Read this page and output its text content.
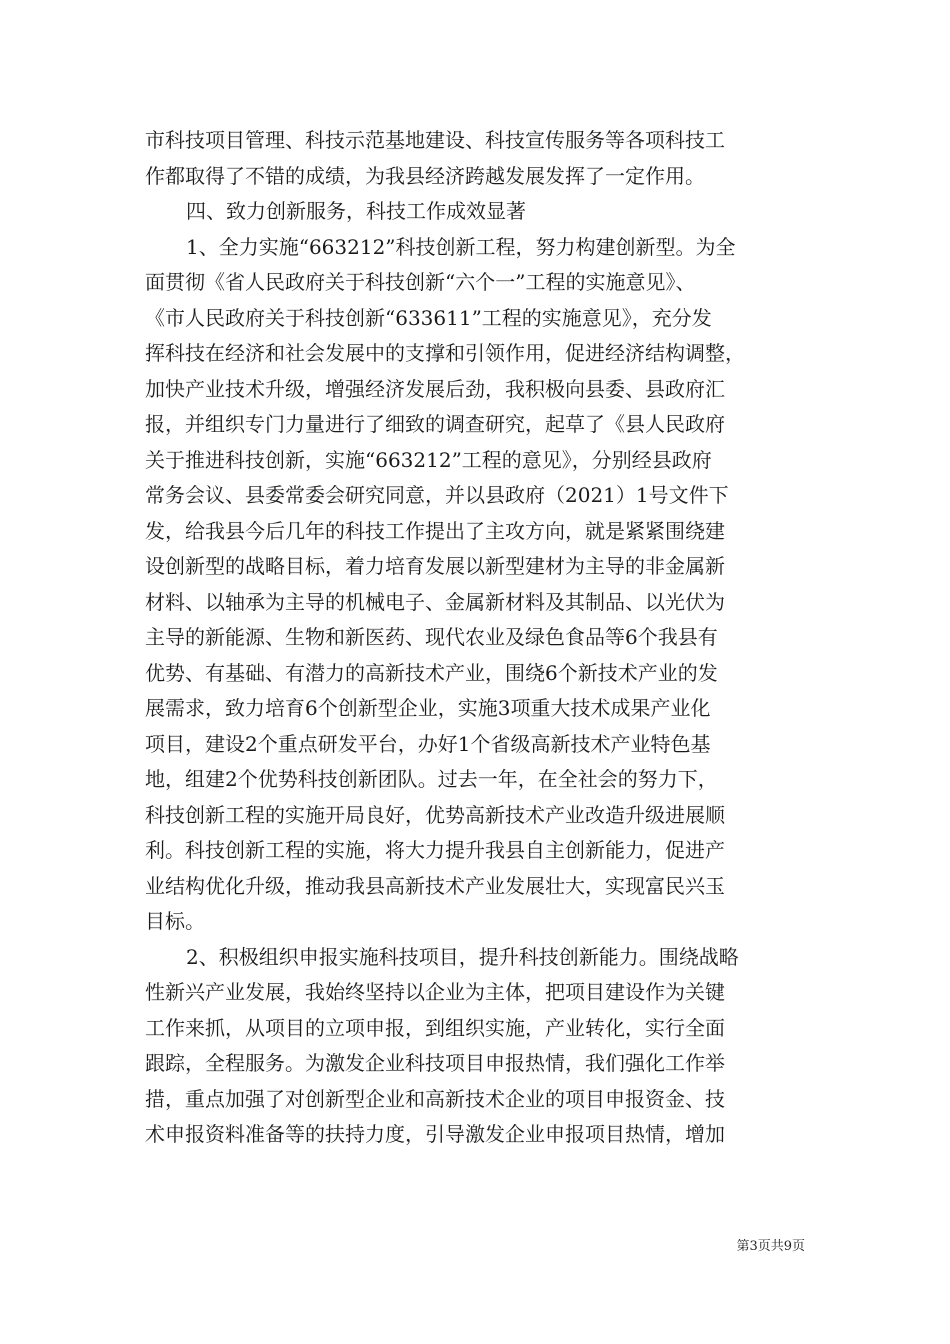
市科技项目管理、科技示范基地建设、科技宣传服务等各项科技工
作都取得了不错的成绩，为我县经济跨越发展发挥了一定作用。
四、致力创新服务，科技工作成效显著
1、全力实施“663212”科技创新工程，努力构建创新型。为全
面贯彻《省人民政府关于科技创新“六个一”工程的实施意见》、
《市人民政府关于科技创新“633611”工程的实施意见》，充分发
挥科技在经济和社会发展中的支撑和引领作用，促进经济结构调整，
加快产业技术升级，增强经济发展后劲，我积极向县委、县政府汇
报，并组织专门力量进行了细致的调查研究，起草了《县人民政府
关于推进科技创新，实施“663212”工程的意见》，分别经县政府
常务会议、县委常委会研究同意，并以县政府（2021）1号文件下
发，给我县今后几年的科技工作提出了主攻方向，就是紧紧围绕建
设创新型的战略目标，着力培育发展以新型建材为主导的非金属新
材料、以轴承为主导的机械电子、金属新材料及其制品、以光伏为
主导的新能源、生物和新医药、现代农业及绿色食品等6个我县有
优势、有基础、有潜力的高新技术产业，围绕6个新技术产业的发
展需求，致力培育6个创新型企业，实施3项重大技术成果产业化
项目，建设2个重点研发平台，办好1个省级高新技术产业特色基
地，组建2个优势科技创新团队。过去一年，在全社会的努力下，
科技创新工程的实施开局良好，优势高新技术产业改造升级进展顺
利。科技创新工程的实施，将大力提升我县自主创新能力，促进产
业结构优化升级，推动我县高新技术产业发展壮大，实现富民兴玉
目标。
2、积极组织申报实施科技项目，提升科技创新能力。围绕战略
性新兴产业发展，我始终坚持以企业为主体，把项目建设作为关键
工作来抓，从项目的立项申报，到组织实施，产业转化，实行全面
跟踪，全程服务。为激发企业科技项目申报热情，我们强化工作举
措，重点加强了对创新型企业和高新技术企业的项目申报资金、技
术申报资料准备等的扶持力度，引导激发企业申报项目热情，增加
第3页共9页
